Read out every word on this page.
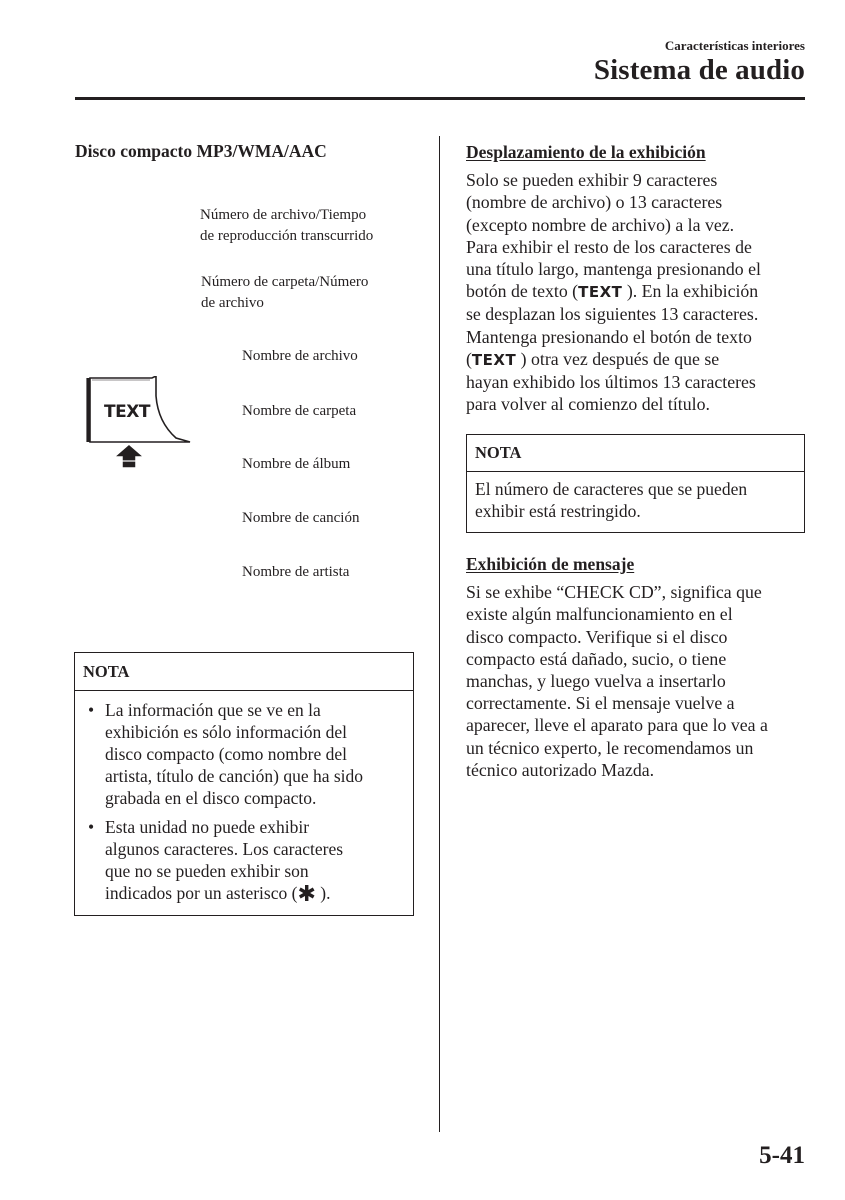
Características interiores
Sistema de audio
Disco compacto MP3/WMA/AAC
Número de archivo/Tiempo
de reproducción transcurrido
Número de carpeta/Número
de archivo
Nombre de archivo
Nombre de carpeta
Nombre de álbum
Nombre de canción
Nombre de artista
TEXT
NOTA
• La información que se ve en la
exhibición es sólo información del
disco compacto (como nombre del
artista, título de canción) que ha sido
grabada en el disco compacto.
• Esta unidad no puede exhibir
algunos caracteres. Los caracteres
que no se pueden exhibir son
indicados por un asterisco (✱ ).
Desplazamiento de la exhibición
Solo se pueden exhibir 9 caracteres
(nombre de archivo) o 13 caracteres
(excepto nombre de archivo) a la vez.
Para exhibir el resto de los caracteres de
una título largo, mantenga presionando el
botón de texto (TEXT ). En la exhibición
se desplazan los siguientes 13 caracteres.
Mantenga presionando el botón de texto
(TEXT ) otra vez después de que se
hayan exhibido los últimos 13 caracteres
para volver al comienzo del título.
NOTA
El número de caracteres que se pueden
exhibir está restringido.
Exhibición de mensaje
Si se exhibe “CHECK CD”, significa que
existe algún malfuncionamiento en el
disco compacto. Verifique si el disco
compacto está dañado, sucio, o tiene
manchas, y luego vuelva a insertarlo
correctamente. Si el mensaje vuelve a
aparecer, lleve el aparato para que lo vea a
un técnico experto, le recomendamos un
técnico autorizado Mazda.
5-41
